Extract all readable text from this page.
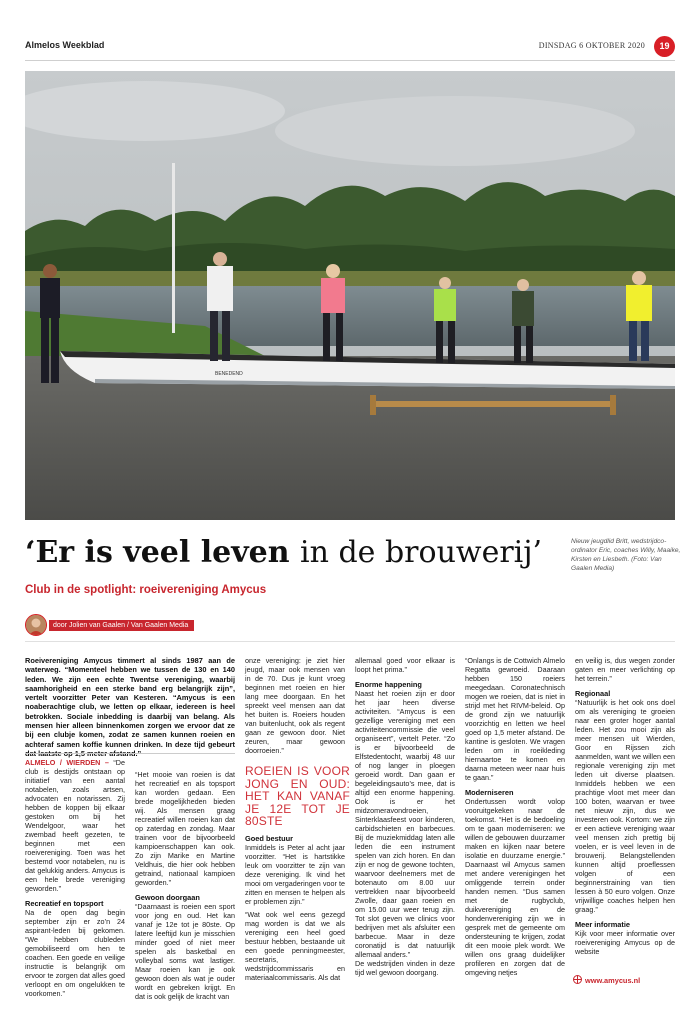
Almelos Weekblad	DINSDAG 6 OKTOBER 2020	19
BENEDEND
Nieuw jeugdlid Britt, wedstrijdco-ordinator Eric, coaches Willy, Maaike, Kirsten en Liesbeth. (Foto: Van Gaalen Media)
‘Er is veel leven in de brouwerij’
Club in de spotlight: roeivereniging Amycus
door Jolien van Gaalen / Van Gaalen Media
Roeivereniging Amycus timmert al sinds 1987 aan de waterweg. “Momenteel hebben we tussen de 130 en 140 leden. We zijn een echte Twentse vereniging, waarbij saamhorigheid en een sterke band erg belangrijk zijn”, vertelt voorzitter Peter van Kesteren. “Amycus is een noaberachtige club, we letten op elkaar, iedereen is heel betrokken. Sociale inbedding is daarbij van belang. Als mensen hier alleen binnenkomen zorgen we ervoor dat ze bij een clubje komen, zodat ze samen kunnen roeien en achteraf samen koffie kunnen drinken. In deze tijd gebeurt

ALMELO / WIERDEN – “De club is destijds ontstaan op initiatief van een aantal notabelen, zoals artsen, advocaten en notarissen. Zij hebben de koppen bij elkaar gestoken om bij het Wendelgoor, waar het zwembad heeft gezeten, te beginnen met een roeivereniging. Toen was het bestemd voor notabelen, nu is dat gelukkig anders. Amycus is een hele brede vereniging geworden.”

Recreatief en topsport

Na de open dag begin september zijn er zo’n 24 aspirant-leden bij gekomen. “We hebben clubleden gemobiliseerd om hen te coachen. Een goede en veilige instructie is belangrijk om ervoor te zorgen dat alles goed verloopt en om ongelukken te voorkomen.”

“Het mooie van roeien is dat het recreatief en als topsport kan worden gedaan. Een brede mogelijkheden bieden wij. Als mensen graag recreatief willen roeien kan dat op zaterdag en zondag. Maar trainen voor de bijvoorbeeld kampioenschappen kan ook. Zo zijn Marike en Martine Veldhuis, die hier ook hebben getraind, nationaal kampioen geworden.”

Gewoon doorgaan

“Daarnaast is roeien een sport voor jong en oud. Het kan vanaf je 12e tot je 80ste. Op latere leeftijd kun je misschien minder goed of niet meer spelen als basketbal en volleybal soms wat lastiger. Maar roeien kan je ook gewoon doen als wat je ouder wordt en gebreken krijgt. En dat is ook gelijk de kracht van

onze vereniging: je ziet hier jeugd, maar ook mensen van in de 70. Dus je kunt vroeg beginnen met roeien en hier lang mee doorgaan. En het spreekt veel mensen aan dat het buiten is. Roeiers houden van buitenlucht, ook als regent gaan ze gewoon door. Niet zeuren, maar gewoon doorroeien.”

ROEIEN IS VOOR JONG EN OUD: HET KAN VANAF JE 12E TOT JE 80STE
Goed bestuur

Inmiddels is Peter al acht jaar voorzitter. “Het is hartstikke leuk om voorzitter te zijn van deze vereniging. Ik vind het mooi om vergaderingen voor te zitten en mensen te helpen als er problemen zijn.”

“Wat ook wel eens gezegd mag worden is dat we als vereniging een heel goed bestuur hebben, bestaande uit een goede penningmeester, secretaris, wedstrijdcommissaris en materiaalcommissaris. Als dat

allemaal goed voor elkaar is loopt het prima.”

Enorme happening

Naast het roeien zijn er door het jaar heen diverse activiteiten. “Amycus is een gezellige vereniging met een activiteitencommissie die veel organiseert”, vertelt Peter. “Zo is er bijvoorbeeld de Elfstedentocht, waarbij 48 uur of nog langer in ploegen geroeid wordt. Dan gaan er begeleidingsauto’s mee, dat is altijd een enorme happening. Ook is er het midzomeravondroeien, Sinterklaasfeest voor kinderen, carbidschieten en barbecues. Bij de muziekmiddag laten alle leden die een instrument spelen van zich horen. En dan zijn er nog de gewone tochten, waarvoor deelnemers met de botenauto om 8.00 uur vertrekken naar bijvoorbeeld Zwolle, daar gaan roeien en om 15.00 uur weer terug zijn. Tot slot geven we clinics voor bedrijven met als afsluiter een barbecue. Maar in deze coronatijd is dat natuurlijk allemaal anders.”

De wedstrijden vinden in deze tijd wel gewoon doorgang.

“Onlangs is de Cottwich Almelo Regatta gewroeid. Daaraan hebben 150 roeiers meegedaan. Coronatechnisch mogen we roeien, dat is niet in strijd met het RIVM-beleid. Op de grond zijn we natuurlijk voorzichtig en letten we heel goed op 1,5 meter afstand. De kantine is gesloten. We vragen leden om in roeikleding hiernaartoe te komen en daarna meteen weer naar huis te gaan.”

Moderniseren

Ondertussen wordt volop vooruitgekeken naar de toekomst. “Het is de bedoeling om te gaan moderniseren: we willen de gebouwen duurzamer maken en kijken naar betere isolatie en duurzame energie.” Daarnaast wil Amycus samen met andere verenigingen het omliggende terrein onder handen nemen. “Dus samen met de rugbyclub, duikvereniging en de hondenvereniging zijn we in gesprek met de gemeente om ondersteuning te krijgen, zodat dit een mooie plek wordt. We willen ons graag duidelijker profileren en zorgen dat de omgeving netjes

en veilig is, dus wegen zonder gaten en meer verlichting op het terrein.”

Regionaal

“Natuurlijk is het ook ons doel om als vereniging te groeien naar een groter hoger aantal leden. Het zou mooi zijn als meer mensen uit Wierden, Goor en Rijssen zich aanmelden, want we willen een regionale vereniging zijn met leden uit diverse plaatsen. Inmiddels hebben we een prachtige vloot met meer dan 100 boten, waarvan er twee net nieuw zijn, dus we investeren ook. Kortom: we zijn er een actieve vereniging waar veel mensen zich prettig bij voelen, er is veel leven in de brouwerij. Belangstellenden kunnen altijd proeflessen volgen of een beginnerstraining van tien lessen à 50 euro volgen. Onze vrijwillige coaches helpen hen graag.”

Meer informatie

Kijk voor meer informatie over roeivereniging Amycus op de website

www.amycus.nl
